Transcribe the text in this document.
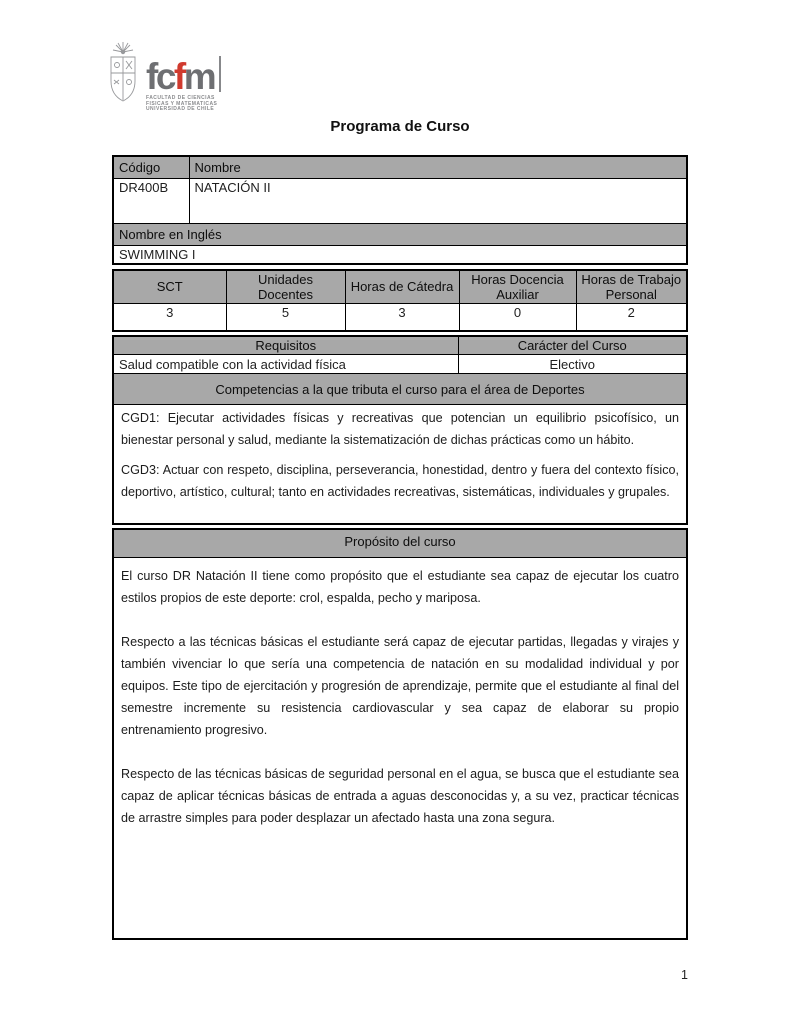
fcfm
FACULTAD DE CIENCIAS
FISICAS Y MATEMATICAS
UNIVERSIDAD DE CHILE
Programa de Curso
Código	Nombre
DR400B	NATACIÓN II
Nombre en Inglés	
SWIMMING I	
SCT	Unidades Docentes	Horas de Cátedra	Horas Docencia Auxiliar	Horas de Trabajo Personal
3	5	3	0	2
Requisitos	Carácter del Curso
Salud compatible con la actividad física	Electivo
Competencias a la que tributa el curso para el área de Deportes	

CGD1: Ejecutar actividades físicas y recreativas que potencian un equilibrio psicofísico, un bienestar personal y salud, mediante la sistematización de dichas prácticas como un hábito.

CGD3: Actuar con respeto, disciplina, perseverancia, honestidad, dentro y fuera del contexto físico, deportivo, artístico, cultural; tanto en actividades recreativas, sistemáticas, individuales y grupales.	

Propósito del curso

El curso DR Natación II tiene como propósito que el estudiante sea capaz de ejecutar los cuatro estilos propios de este deporte: crol, espalda, pecho y mariposa.

Respecto a las técnicas básicas el estudiante será capaz de ejecutar partidas, llegadas y virajes y también vivenciar lo que sería una competencia de natación en su modalidad individual y por equipos. Este tipo de ejercitación y progresión de aprendizaje, permite que el estudiante al final del semestre incremente su resistencia cardiovascular y sea capaz de elaborar su propio entrenamiento progresivo.

Respecto de las técnicas básicas de seguridad personal en el agua, se busca que el estudiante sea capaz de aplicar técnicas básicas de entrada a aguas desconocidas y, a su vez, practicar técnicas de arrastre simples para poder desplazar un afectado hasta una zona segura.

1
